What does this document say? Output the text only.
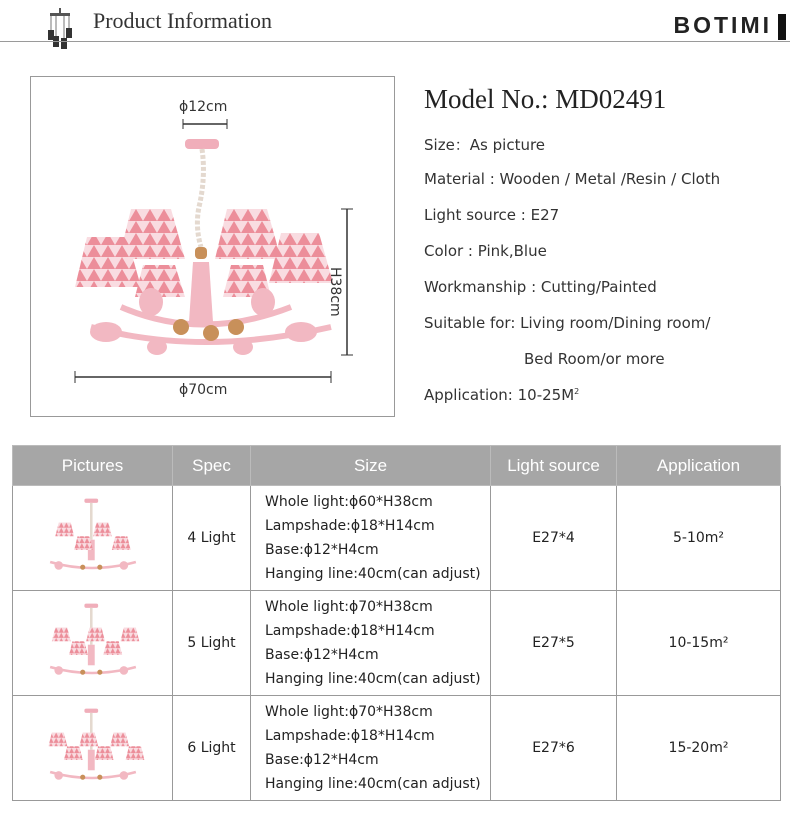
Product Information	BOTIMI
ϕ12cm
H38cm
ϕ70cm
Model No.: MD02491
Size：As picture
Material : Wooden / Metal /Resin / Cloth
Light source : E27
Color : Pink,Blue
Workmanship : Cutting/Painted
Suitable for: Living room/Dining room/
Bed Room/or more
Application: $10-25M^2$
Pictures	Spec	Size	Light source	Application

	4 Light	Whole light:ϕ60*H38cm
Lampshade:ϕ18*H14cm
Base:ϕ12*H4cm
Hanging line:40cm(can adjust)	E27*4	5-10m²

	5 Light	Whole light:ϕ70*H38cm
Lampshade:ϕ18*H14cm
Base:ϕ12*H4cm
Hanging line:40cm(can adjust)	E27*5	10-15m²

	6 Light	Whole light:ϕ70*H38cm
Lampshade:ϕ18*H14cm
Base:ϕ12*H4cm
Hanging line:40cm(can adjust)	E27*6	15-20m²
